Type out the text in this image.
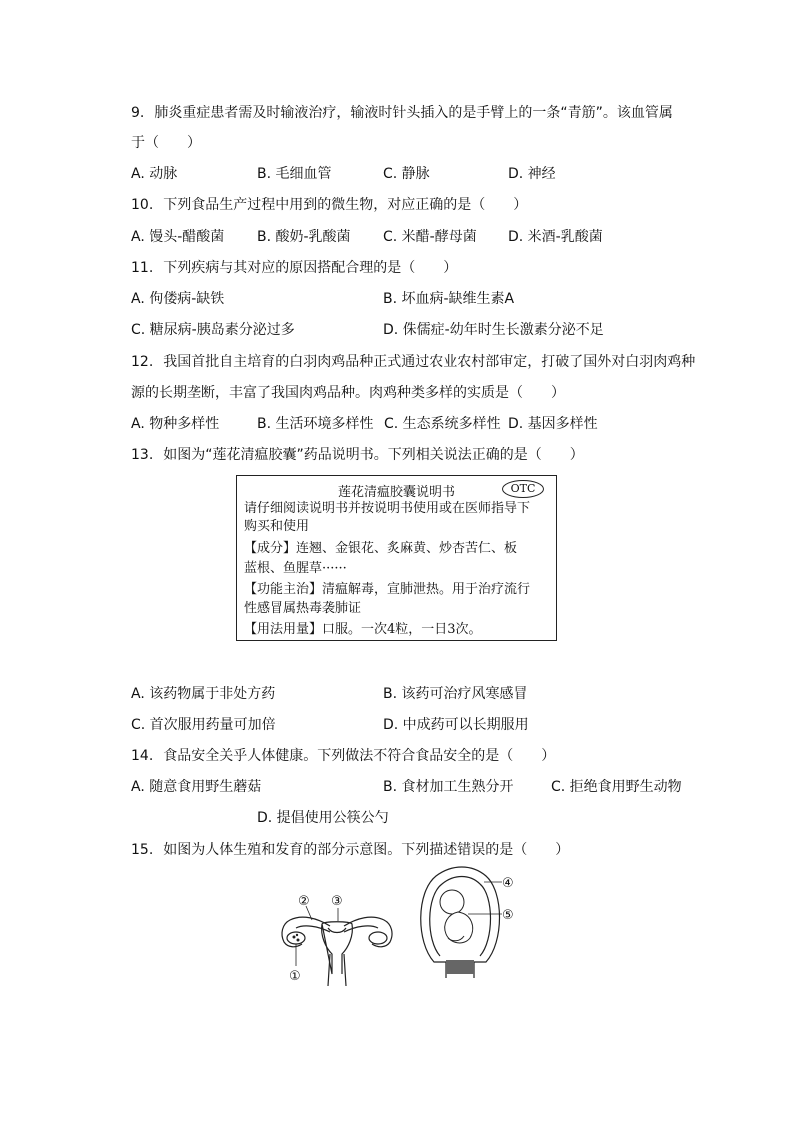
9. 肺炎重症患者需及时输液治疗，输液时针头插入的是手臂上的一条“青筋”。该血管属
于（　　）
A. 动脉	B. 毛细血管	C. 静脉	D. 神经
10. 下列食品生产过程中用到的微生物，对应正确的是（　　）
A. 馒头-醋酸菌 B. 酸奶-乳酸菌 C. 米醋-酵母菌 D. 米酒-乳酸菌
11. 下列疾病与其对应的原因搭配合理的是（　　）
A. 佝偻病-缺铁	B. 坏血病-缺维生素A
C. 糖尿病-胰岛素分泌过多	D. 侏儒症-幼年时生长激素分泌不足
12. 我国首批自主培育的白羽肉鸡品种正式通过农业农村部审定，打破了国外对白羽肉鸡种
源的长期垄断，丰富了我国肉鸡品种。肉鸡种类多样的实质是（　　）
A. 物种多样性	B. 生活环境多样性 C. 生态系统多样性 D. 基因多样性
13. 如图为“莲花清瘟胶囊”药品说明书。下列相关说法正确的是（　　）
莲花清瘟胶囊说明书	OTC
请仔细阅读说明书并按说明书使用或在医师指导下
购买和使用
【成分】连翘、金银花、炙麻黄、炒杏苦仁、板
蓝根、鱼腥草······
【功能主治】清瘟解毒，宣肺泄热。用于治疗流行
性感冒属热毒袭肺证
【用法用量】口服。一次4粒，一日3次。
A. 该药物属于非处方药	B. 该药可治疗风寒感冒
C. 首次服用药量可加倍	D. 中成药可以长期服用
14. 食品安全关乎人体健康。下列做法不符合食品安全的是（　　）
A. 随意食用野生蘑菇	B. 食材加工生熟分开	C. 拒绝食用野生动物
D. 提倡使用公筷公勺
15. 如图为人体生殖和发育的部分示意图。下列描述错误的是（　　）
② ③
①
④
⑤
